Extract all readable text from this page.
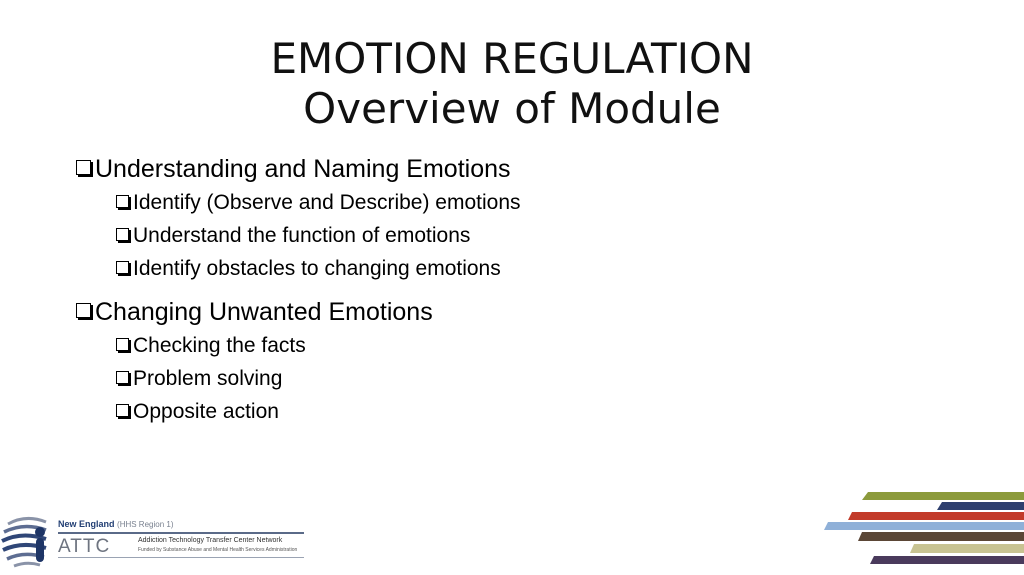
EMOTION REGULATION
Overview of Module
Understanding and Naming Emotions
Identify (Observe and Describe) emotions
Understand the function of emotions
Identify obstacles to changing emotions
Changing Unwanted Emotions
Checking the facts
Problem solving
Opposite action
New England (HHS Region 1)
ATTC	Addiction Technology Transfer Center Network
Funded by Substance Abuse and Mental Health Services Administration
